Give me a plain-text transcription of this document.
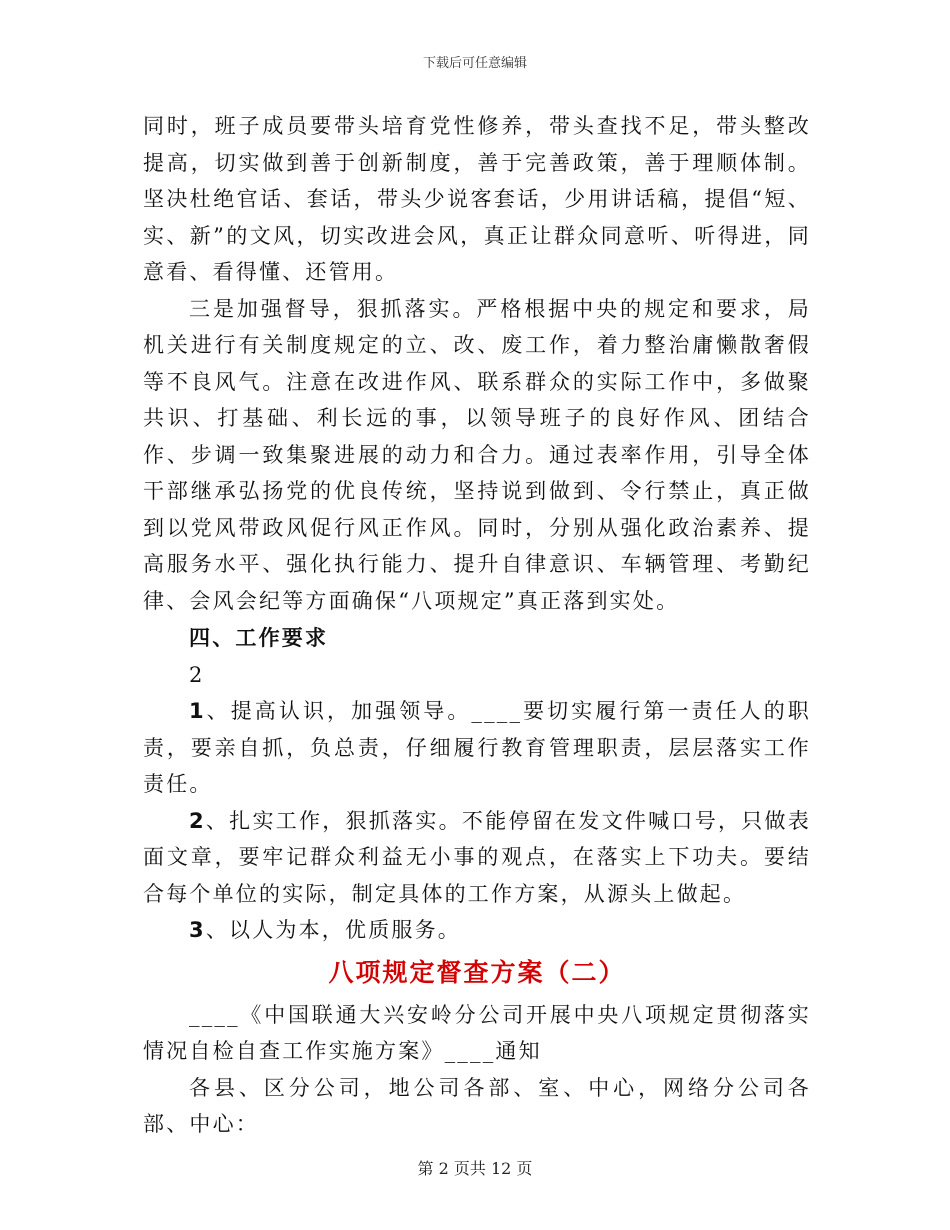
下载后可任意编辑

同时，班子成员要带头培育党性修养，带头查找不足，带头整改提高，切实做到善于创新制度，善于完善政策，善于理顺体制。坚决杜绝官话、套话，带头少说客套话，少用讲话稿，提倡“短、实、新”的文风，切实改进会风，真正让群众同意听、听得进，同意看、看得懂、还管用。

三是加强督导，狠抓落实。严格根据中央的规定和要求，局机关进行有关制度规定的立、改、废工作，着力整治庸懒散奢假等不良风气。注意在改进作风、联系群众的实际工作中，多做聚共识、打基础、利长远的事，以领导班子的良好作风、团结合作、步调一致集聚进展的动力和合力。通过表率作用，引导全体干部继承弘扬党的优良传统，坚持说到做到、令行禁止，真正做到以党风带政风促行风正作风。同时，分别从强化政治素养、提高服务水平、强化执行能力、提升自律意识、车辆管理、考勤纪律、会风会纪等方面确保“八项规定”真正落到实处。

四、工作要求

2

1、提高认识，加强领导。____要切实履行第一责任人的职责，要亲自抓，负总责，仔细履行教育管理职责，层层落实工作责任。

2、扎实工作，狠抓落实。不能停留在发文件喊口号，只做表面文章，要牢记群众利益无小事的观点，在落实上下功夫。要结合每个单位的实际，制定具体的工作方案，从源头上做起。

3、以人为本，优质服务。

八项规定督查方案（二）

____《中国联通大兴安岭分公司开展中央八项规定贯彻落实情况自检自查工作实施方案》____通知

各县、区分公司，地公司各部、室、中心，网络分公司各部、中心：

第 2 页共 12 页
